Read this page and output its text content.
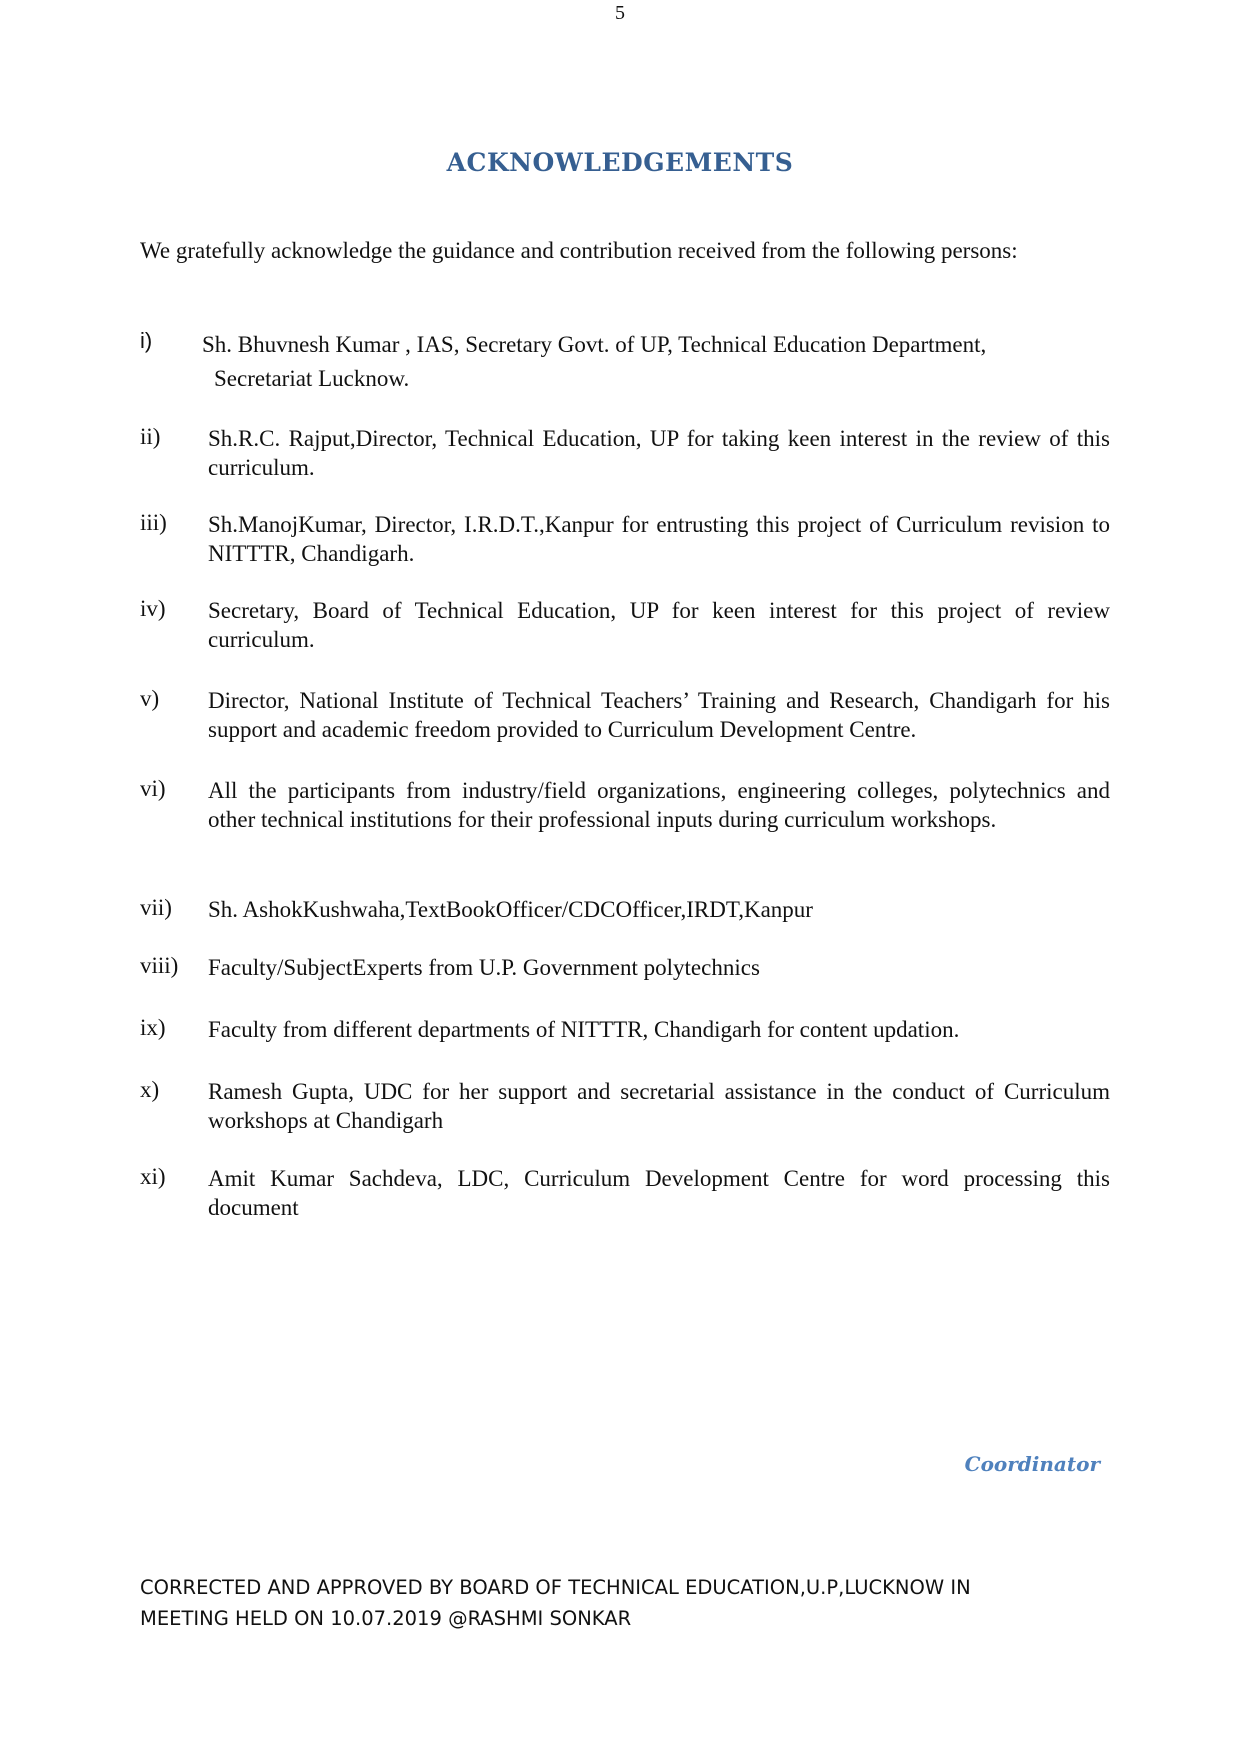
5
ACKNOWLEDGEMENTS
We gratefully acknowledge the guidance and contribution received from the following persons:
i) Sh. Bhuvnesh Kumar , IAS, Secretary Govt. of UP, Technical Education Department,
Secretariat Lucknow.
ii) Sh.R.C. Rajput,Director, Technical Education, UP for taking keen interest in the review of this curriculum.
iii) Sh.ManojKumar, Director, I.R.D.T.,Kanpur for entrusting this project of Curriculum revision to NITTTR, Chandigarh.
iv) Secretary, Board of Technical Education, UP for keen interest for this project of review curriculum.
v) Director, National Institute of Technical Teachers’ Training and Research, Chandigarh for his support and academic freedom provided to Curriculum Development Centre.
vi) All the participants from industry/field organizations, engineering colleges, polytechnics and other technical institutions for their professional inputs during curriculum workshops.
vii) Sh. AshokKushwaha,TextBookOfficer/CDCOfficer,IRDT,Kanpur
viii) Faculty/SubjectExperts from U.P. Government polytechnics
ix) Faculty from different departments of NITTTR, Chandigarh for content updation.
x) Ramesh Gupta, UDC for her support and secretarial assistance in the conduct of Curriculum workshops at Chandigarh
xi) Amit Kumar Sachdeva, LDC, Curriculum Development Centre for word processing this document
Coordinator
CORRECTED AND APPROVED BY BOARD OF TECHNICAL EDUCATION,U.P,LUCKNOW IN
MEETING HELD ON 10.07.2019 @RASHMI SONKAR
